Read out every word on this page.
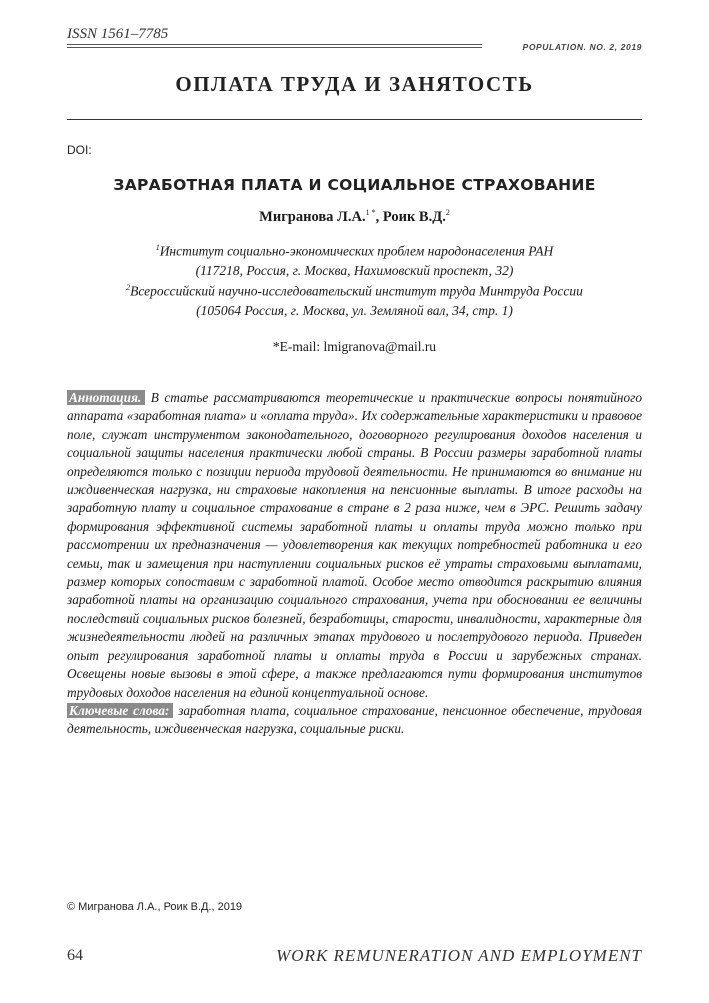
ISSN 1561–7785
POPULATION. NO. 2, 2019
ОПЛАТА ТРУДА И ЗАНЯТОСТЬ
DOI:
ЗАРАБОТНАЯ ПЛАТА И СОЦИАЛЬНОЕ СТРАХОВАНИЕ
Мигранова Л.А.$^{1 *}$, Роик В.Д.$^2$
$^1$Институт социально-экономических проблем народонаселения РАН
(117218, Россия, г. Москва, Нахимовский проспект, 32)
$^2$Всероссийский научно-исследовательский институт труда Минтруда России
(105064 Россия, г. Москва, ул. Земляной вал, 34, стр. 1)
*E-mail: lmigranova@mail.ru

Аннотация. В статье рассматриваются теоретические и практические вопросы понятийного аппарата «заработная плата» и «оплата труда». Их содержательные характеристики и правовое поле, служат инструментом законодательного, договорного регулирования доходов населения и социальной защиты населения практически любой страны. В России размеры заработной платы определяются только с позиции периода трудовой деятельности. Не принимаются во внимание ни иждивенческая нагрузка, ни страховые накопления на пенсионные выплаты. В итоге расходы на заработную плату и социальное страхование в стране в 2 раза ниже, чем в ЭРС. Решить задачу формирования эффективной системы заработной платы и оплаты труда можно только при рассмотрении их предназначения — удовлетворения как текущих потребностей работника и его семьи, так и замещения при наступлении социальных рисков её утраты страховыми выплатами, размер которых сопоставим с заработной платой. Особое место отводится раскрытию влияния заработной платы на организацию социального страхования, учета при обосновании ее величины последствий социальных рисков болезней, безработицы, старости, инвалидности, характерные для жизнедеятельности людей на различных этапах трудового и послетрудового периода. Приведен опыт регулирования заработной платы и оплаты труда в России и зарубежных странах. Освещены новые вызовы в этой сфере, а также предлагаются пути формирования институтов трудовых доходов населения на единой концептуальной основе.

Ключевые слова: заработная плата, социальное страхование, пенсионное обеспечение, трудовая деятельность, иждивенческая нагрузка, социальные риски.

© Мигранова Л.А., Роик В.Д., 2019
64	WORK REMUNERATION AND EMPLOYMENT
